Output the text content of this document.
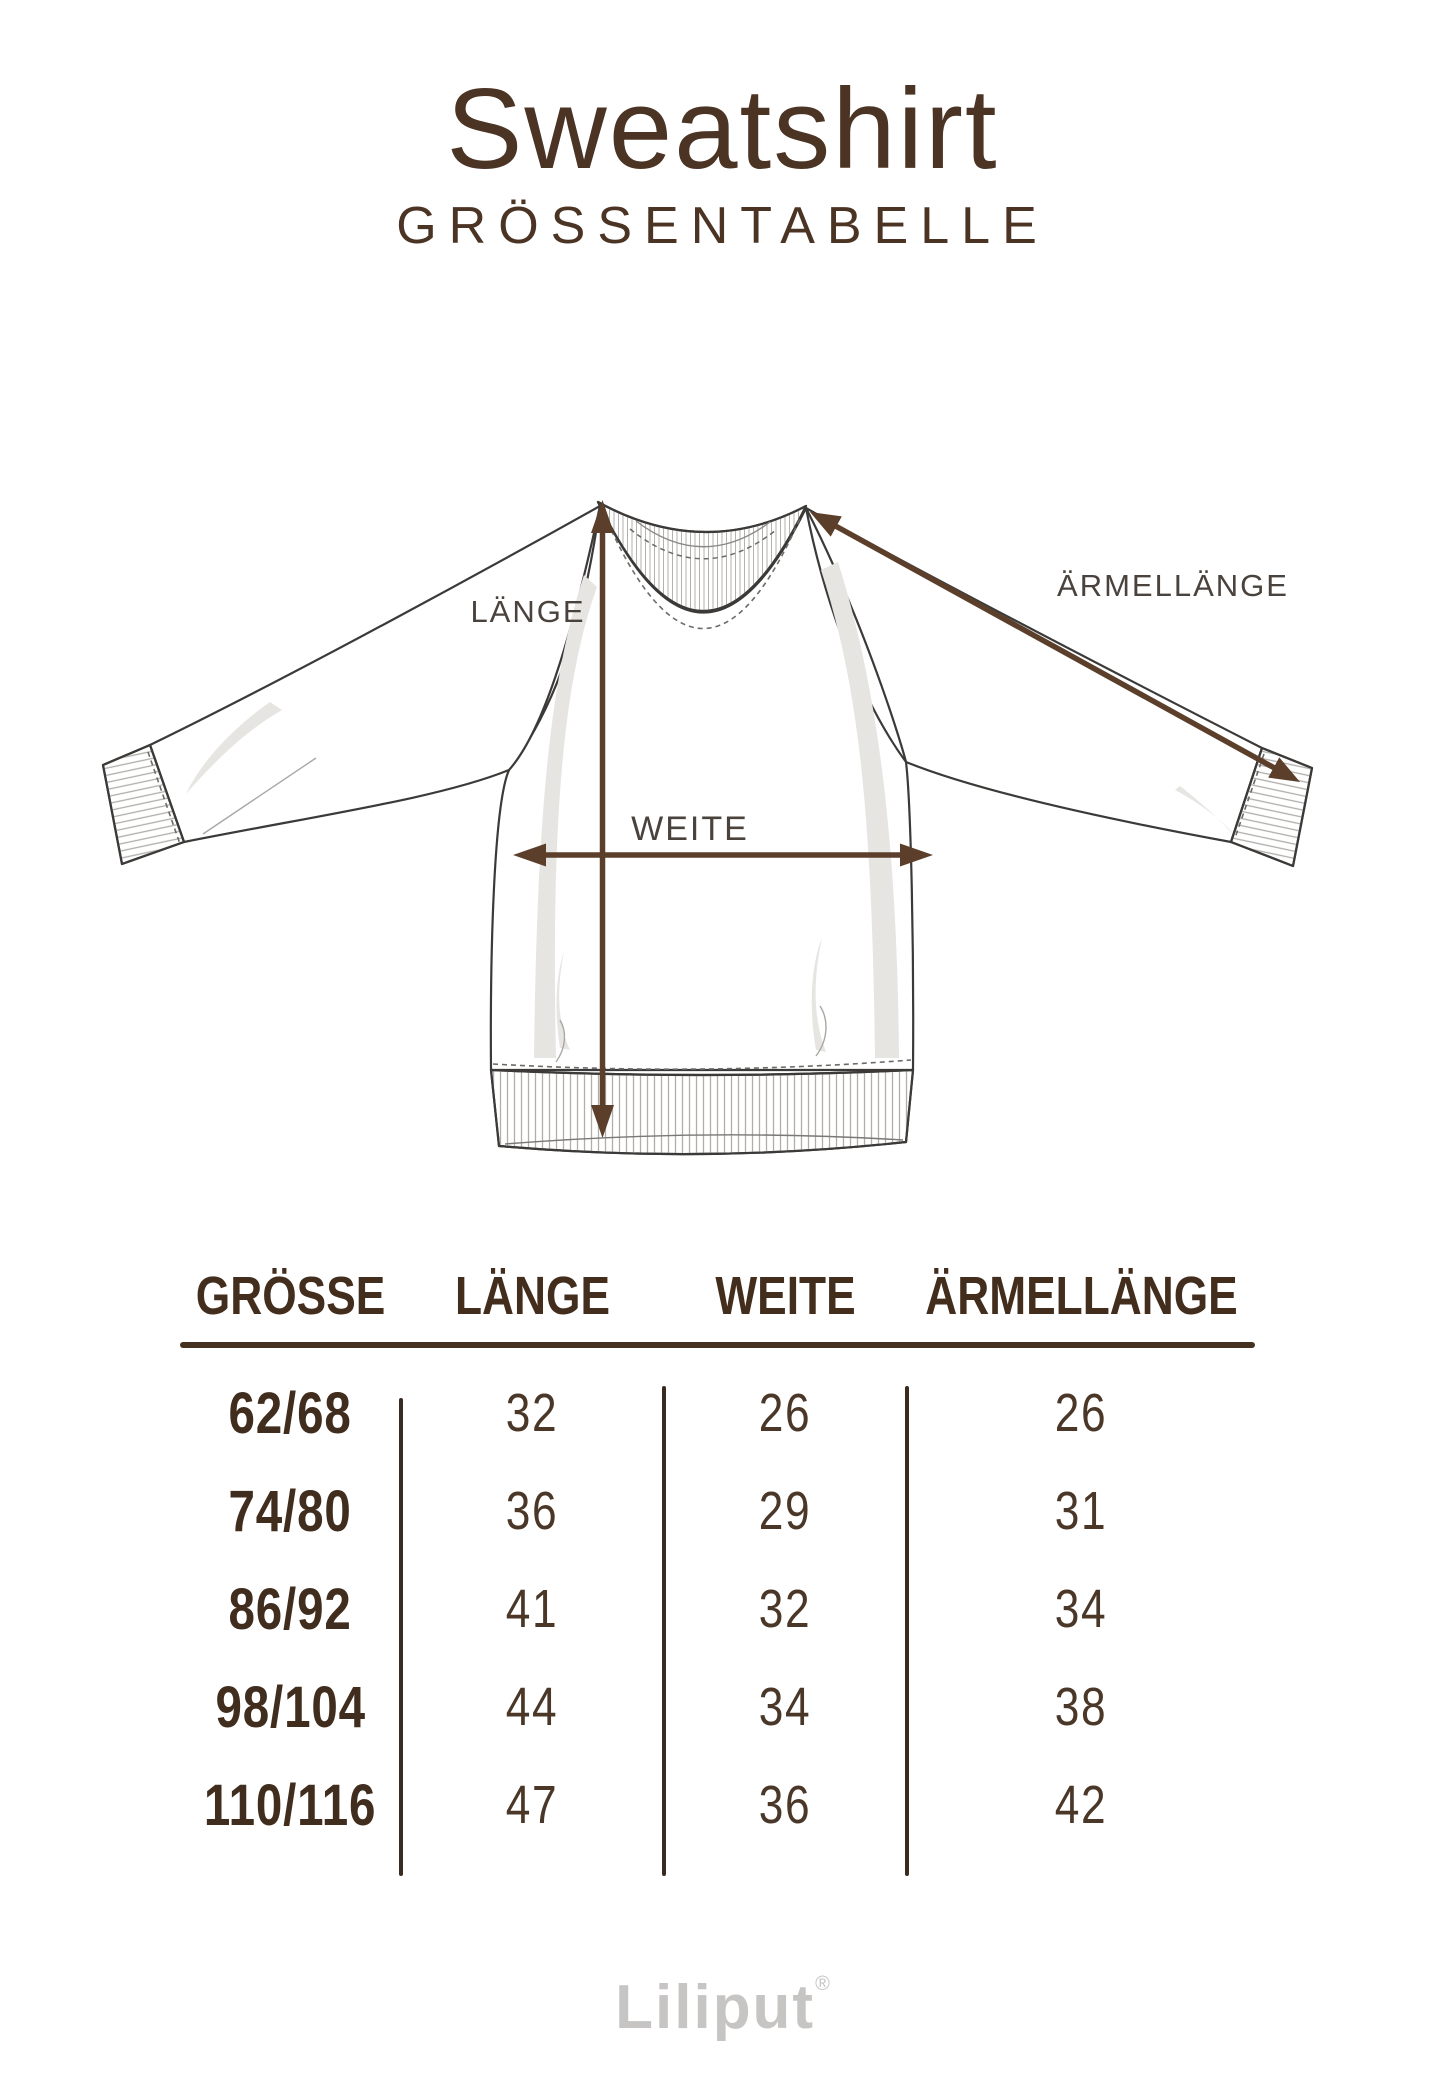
Sweatshirt
GRÖSSENTABELLE
LÄNGE
WEITE
ÄRMELLÄNGE
GRÖSSE LÄNGE WEITE ÄRMELLÄNGE
62/68	32	26	26
74/80	36	29	31
86/92	41	32	34
98/104	44	34	38
110/116 47	36	42
Liliput®
